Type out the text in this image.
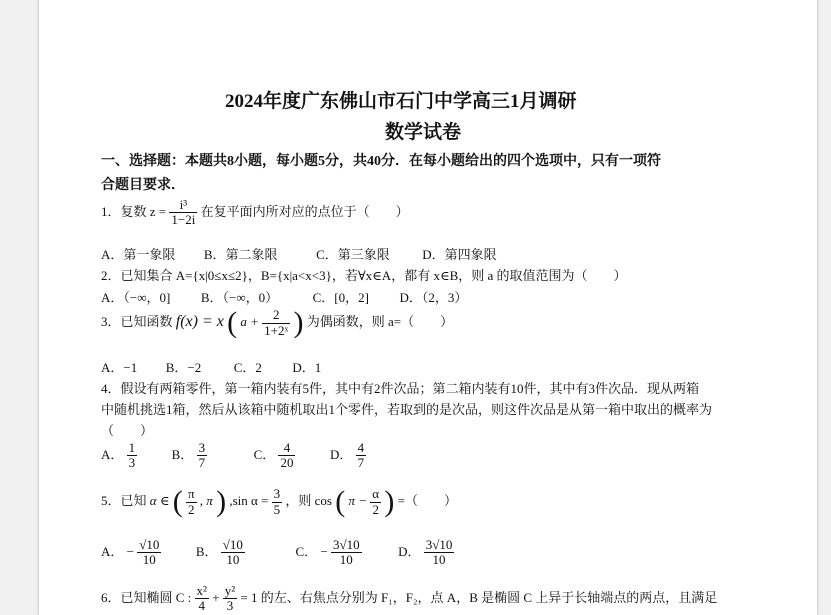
2024年度广东佛山市石门中学高三1月调研
数学试卷
一、选择题：本题共8小题，每小题5分，共40分．在每小题给出的四个选项中，只有一项符
合题目要求．
1．复数 $z = \frac{\text{i³}}{1-2i}$ 在复平面内所对应的点位于（　　）
A．第一象限 B．第二象限	C．第三象限	D．第四象限
2．已知集合 A={x|0≤x≤2}，B={x|a<x<3}，若∀x∈A，都有 x∈B，则 a 的取值范围为（　　）
A．（−∞，0] B．（−∞，0）	C．[0，2] D．（2，3）
3．已知函数 f(x) = x ( $a + \frac{2}{\text{1+2ˣ}}$ ) 为偶函数，则 a=（　　）
A．−1 B．−2	C．2 D．1
4．假设有两箱零件，第一箱内装有5件，其中有2件次品；第二箱内装有10件，其中有3件次品．现从两箱
中随机挑选1箱，然后从该箱中随机取出1个零件，若取到的是次品，则这件次品是从第一箱中取出的概率为
（　　）
A． $\frac{1}{3}$	B． $\frac{3}{7}$	C． $\frac{4}{20}$	D． $\frac{4}{7}$
5．已知 α ∈ ( $\frac{\pi}{2}$ , π ) ,sin $\alpha = \frac{3}{5}$ ，则 cos ( $\pi - \frac{\alpha}{2}$ ) =（　　）
A． − $\frac{√10}{10}$	B． $\frac{√10}{10}$	C． − $\frac{3√10}{10}$	D． $\frac{3√10}{10}$
6．已知椭圆 C : $\frac{\text{x²}}{4} + \frac{\text{y²}}{3} = 1$ 的左、右焦点分别为 F₁，F₂，点 A，B 是椭圆 C 上异于长轴端点的两点，且满足
